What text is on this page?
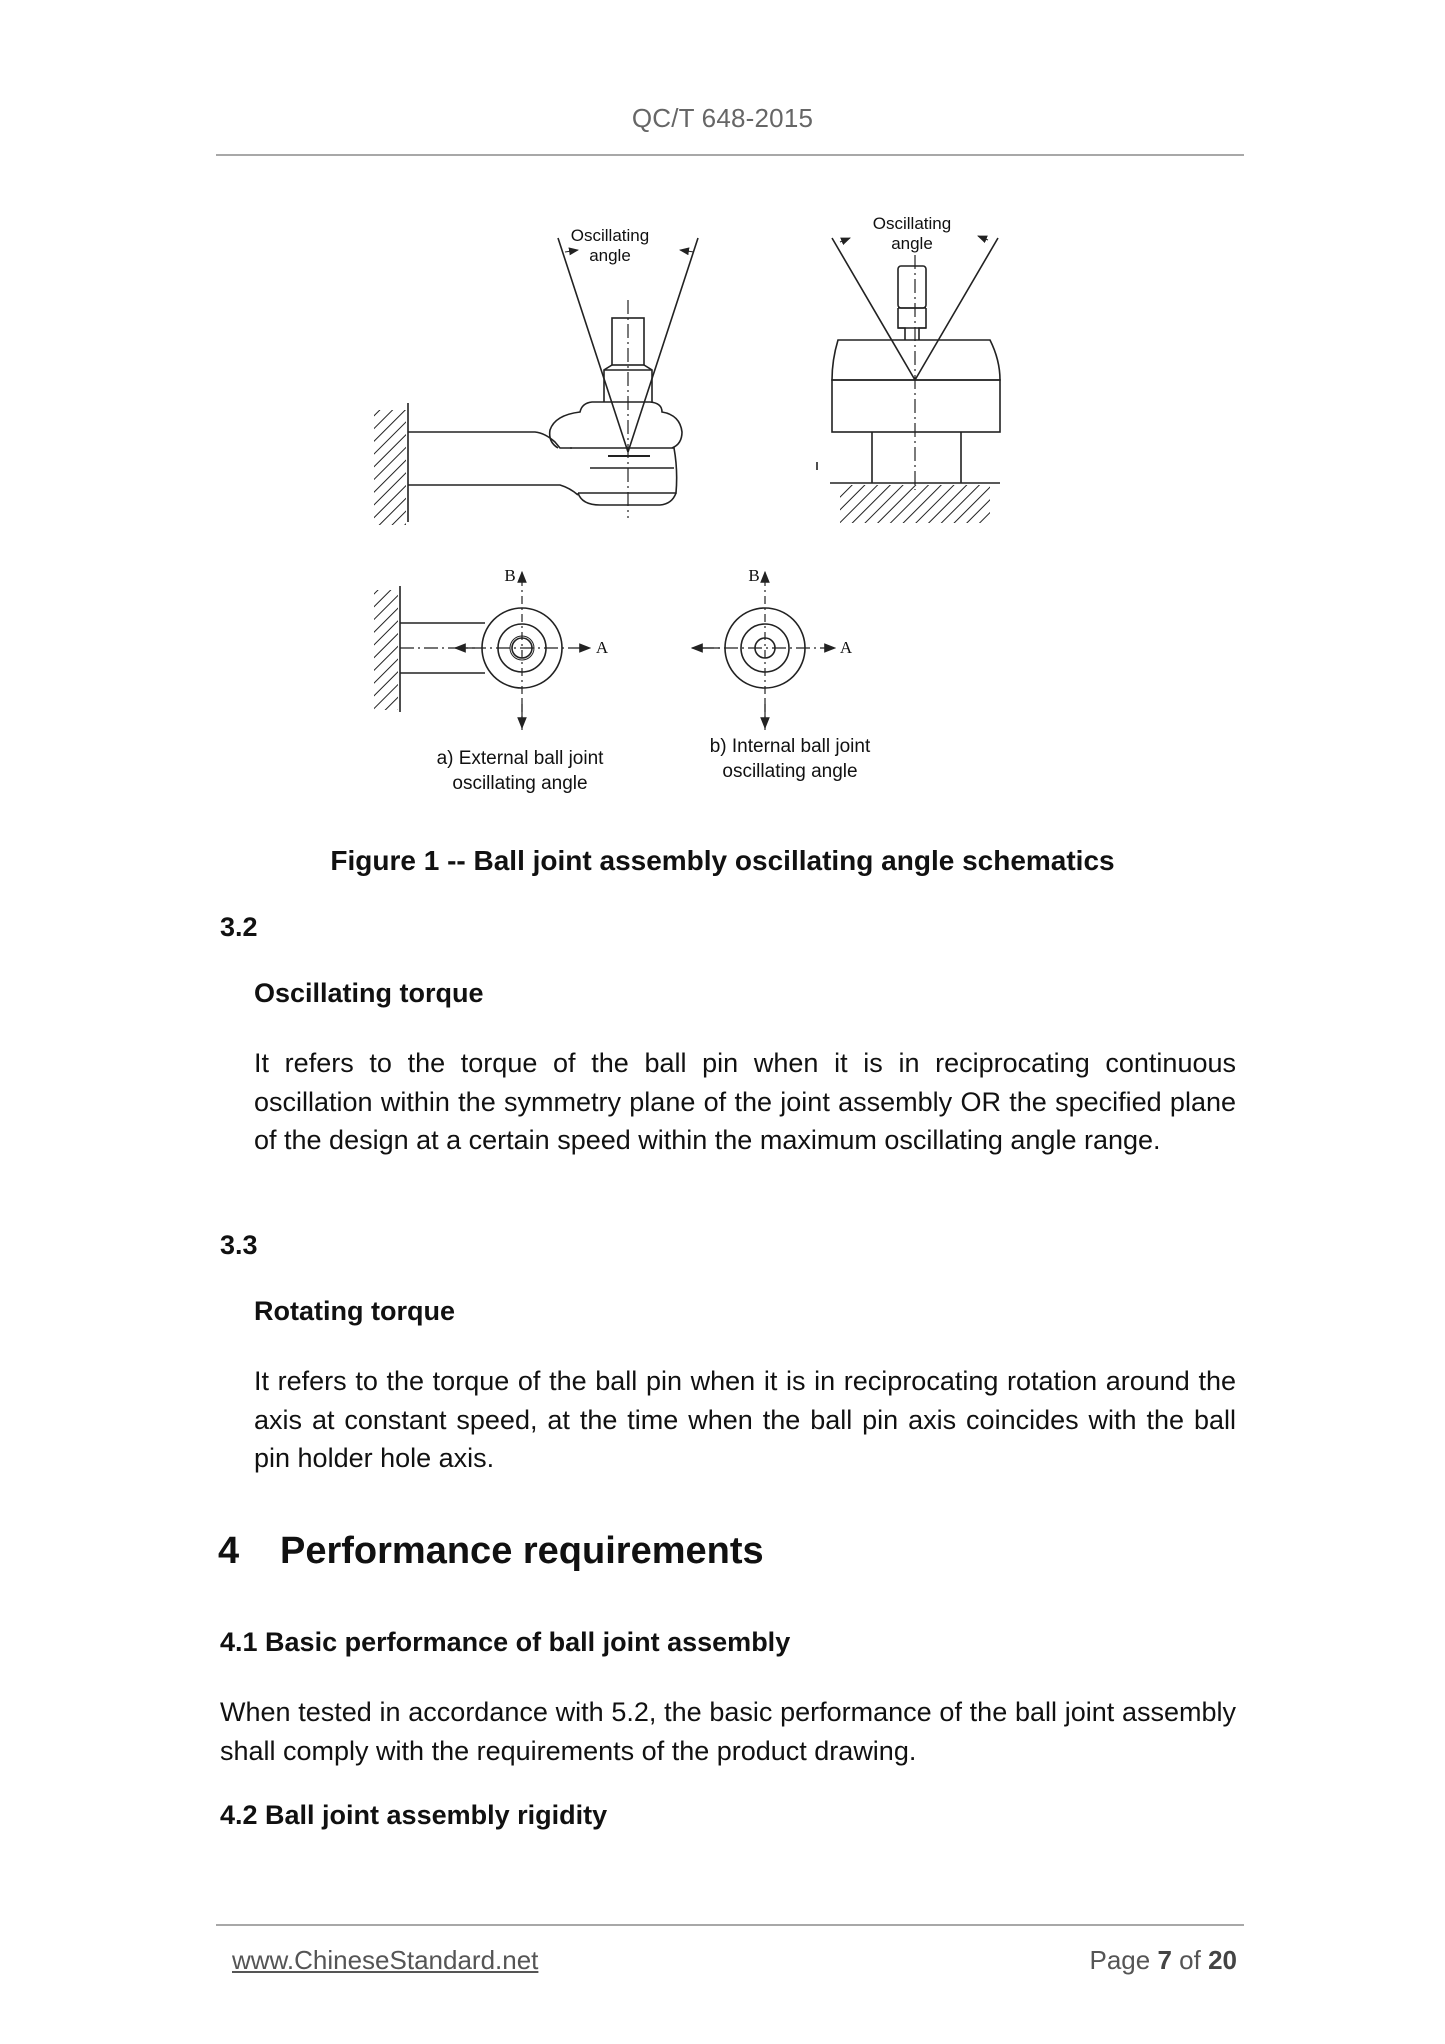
QC/T 648-2015
Oscillating
angle
Oscillating
angle
B
A
B
A
a) External ball joint
oscillating angle
b) Internal ball joint
oscillating angle
Figure 1 -- Ball joint assembly oscillating angle schematics
3.2
Oscillating torque
It refers to the torque of the ball pin when it is in reciprocating continuous oscillation within the symmetry plane of the joint assembly OR the specified plane of the design at a certain speed within the maximum oscillating angle range.
3.3
Rotating torque
It refers to the torque of the ball pin when it is in reciprocating rotation around the axis at constant speed, at the time when the ball pin axis coincides with the ball pin holder hole axis.
4 Performance requirements
4.1 Basic performance of ball joint assembly
When tested in accordance with 5.2, the basic performance of the ball joint assembly shall comply with the requirements of the product drawing.
4.2 Ball joint assembly rigidity
www.ChineseStandard.net	Page 7 of 20
